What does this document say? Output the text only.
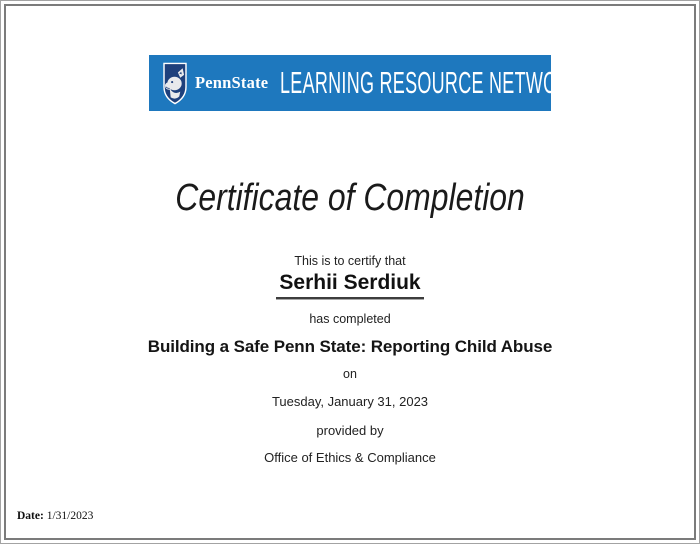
PennState LEARNING RESOURCE NETWORK
Certificate of Completion
This is to certify that
Serhii Serdiuk
has completed
Building a Safe Penn State: Reporting Child Abuse
on
Tuesday, January 31, 2023
provided by
Office of Ethics & Compliance
Date: 1/31/2023
